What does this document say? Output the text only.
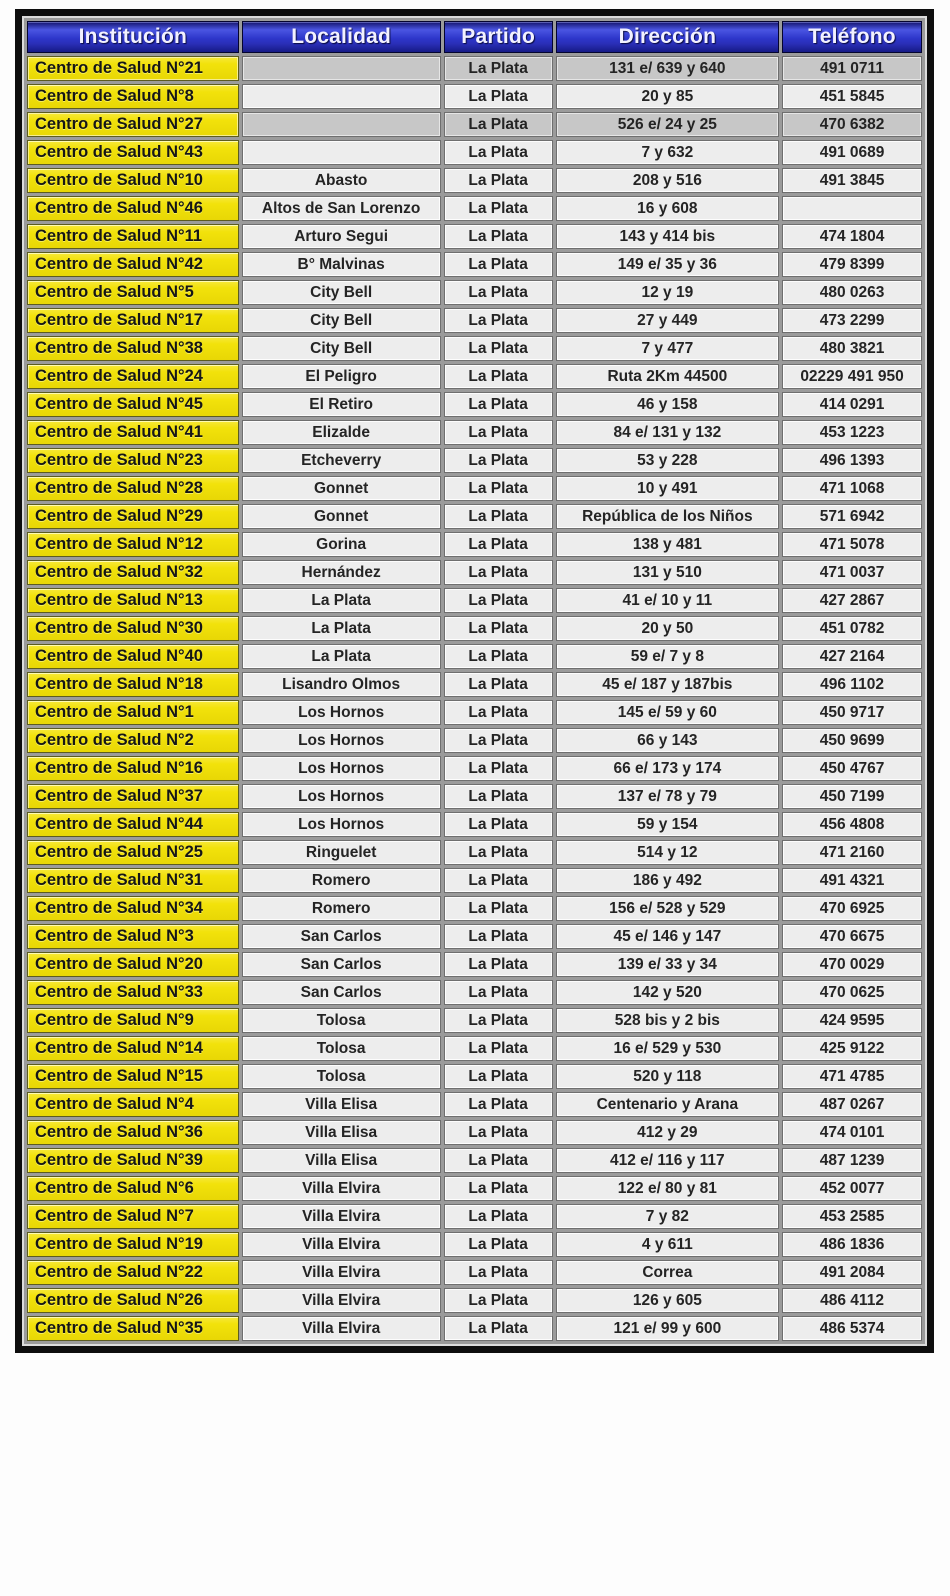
Institución	Localidad	Partido	Dirección	Teléfono
Centro de Salud N°21		La Plata	131 e/ 639 y 640	491 0711
Centro de Salud N°8		La Plata	20 y 85	451 5845
Centro de Salud N°27		La Plata	526 e/ 24 y 25	470 6382
Centro de Salud N°43		La Plata	7 y 632	491 0689
Centro de Salud N°10	Abasto	La Plata	208 y 516	491 3845
Centro de Salud N°46	Altos de San Lorenzo	La Plata	16 y 608	
Centro de Salud N°11	Arturo Segui	La Plata	143 y 414 bis	474 1804
Centro de Salud N°42	B° Malvinas	La Plata	149 e/ 35 y 36	479 8399
Centro de Salud N°5	City Bell	La Plata	12 y 19	480 0263
Centro de Salud N°17	City Bell	La Plata	27 y 449	473 2299
Centro de Salud N°38	City Bell	La Plata	7 y 477	480 3821
Centro de Salud N°24	El Peligro	La Plata	Ruta 2Km 44500	02229 491 950
Centro de Salud N°45	El Retiro	La Plata	46 y 158	414 0291
Centro de Salud N°41	Elizalde	La Plata	84 e/ 131 y 132	453 1223
Centro de Salud N°23	Etcheverry	La Plata	53 y 228	496 1393
Centro de Salud N°28	Gonnet	La Plata	10 y 491	471 1068
Centro de Salud N°29	Gonnet	La Plata	República de los Niños	571 6942
Centro de Salud N°12	Gorina	La Plata	138 y 481	471 5078
Centro de Salud N°32	Hernández	La Plata	131 y 510	471 0037
Centro de Salud N°13	La Plata	La Plata	41 e/ 10 y 11	427 2867
Centro de Salud N°30	La Plata	La Plata	20 y 50	451 0782
Centro de Salud N°40	La Plata	La Plata	59 e/ 7 y 8	427 2164
Centro de Salud N°18	Lisandro Olmos	La Plata	45 e/ 187 y 187bis	496 1102
Centro de Salud N°1	Los Hornos	La Plata	145 e/ 59 y 60	450 9717
Centro de Salud N°2	Los Hornos	La Plata	66 y 143	450 9699
Centro de Salud N°16	Los Hornos	La Plata	66 e/ 173 y 174	450 4767
Centro de Salud N°37	Los Hornos	La Plata	137 e/ 78 y 79	450 7199
Centro de Salud N°44	Los Hornos	La Plata	59 y 154	456 4808
Centro de Salud N°25	Ringuelet	La Plata	514 y 12	471 2160
Centro de Salud N°31	Romero	La Plata	186 y 492	491 4321
Centro de Salud N°34	Romero	La Plata	156 e/ 528 y 529	470 6925
Centro de Salud N°3	San Carlos	La Plata	45 e/ 146 y 147	470 6675
Centro de Salud N°20	San Carlos	La Plata	139 e/ 33 y 34	470 0029
Centro de Salud N°33	San Carlos	La Plata	142 y 520	470 0625
Centro de Salud N°9	Tolosa	La Plata	528 bis y 2 bis	424 9595
Centro de Salud N°14	Tolosa	La Plata	16 e/ 529 y 530	425 9122
Centro de Salud N°15	Tolosa	La Plata	520 y 118	471 4785
Centro de Salud N°4	Villa Elisa	La Plata	Centenario y Arana	487 0267
Centro de Salud N°36	Villa Elisa	La Plata	412 y 29	474 0101
Centro de Salud N°39	Villa Elisa	La Plata	412 e/ 116 y 117	487 1239
Centro de Salud N°6	Villa Elvira	La Plata	122 e/ 80 y 81	452 0077
Centro de Salud N°7	Villa Elvira	La Plata	7 y 82	453 2585
Centro de Salud N°19	Villa Elvira	La Plata	4 y 611	486 1836
Centro de Salud N°22	Villa Elvira	La Plata	Correa	491 2084
Centro de Salud N°26	Villa Elvira	La Plata	126 y 605	486 4112
Centro de Salud N°35	Villa Elvira	La Plata	121 e/ 99 y 600	486 5374
